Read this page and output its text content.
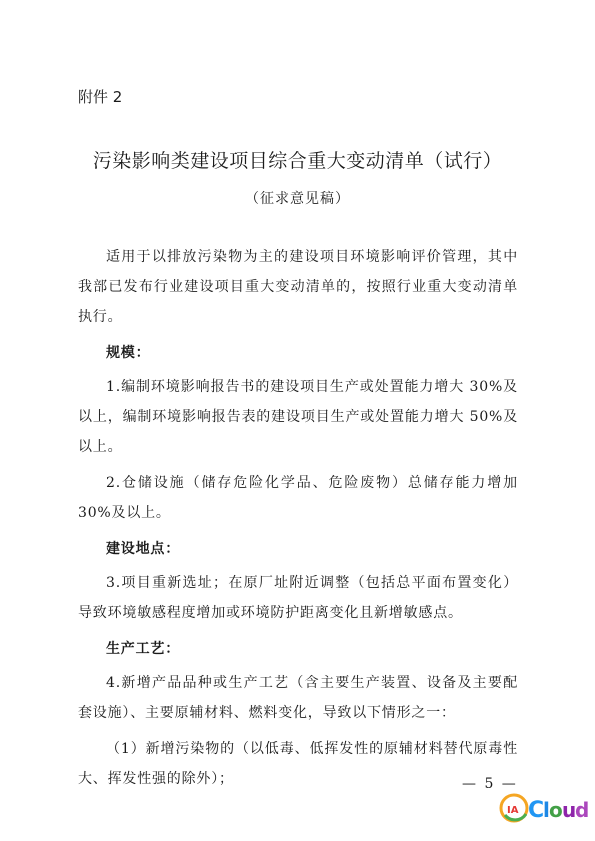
附件 2
污染影响类建设项目综合重大变动清单（试行）
（征求意见稿）

适用于以排放污染物为主的建设项目环境影响评价管理，其中我部已发布行业建设项目重大变动清单的，按照行业重大变动清单执行。

规模：

1.编制环境影响报告书的建设项目生产或处置能力增大 30%及以上，编制环境影响报告表的建设项目生产或处置能力增大 50%及以上。

2.仓储设施（储存危险化学品、危险废物）总储存能力增加 30%及以上。

建设地点：

3.项目重新选址；在原厂址附近调整（包括总平面布置变化）导致环境敏感程度增加或环境防护距离变化且新增敏感点。

生产工艺：

4.新增产品品种或生产工艺（含主要生产装置、设备及主要配套设施）、主要原辅材料、燃料变化，导致以下情形之一：

（1）新增污染物的（以低毒、低挥发性的原辅材料替代原毒性大、挥发性强的除外）；	— 5 —
IA C
l o u
d
